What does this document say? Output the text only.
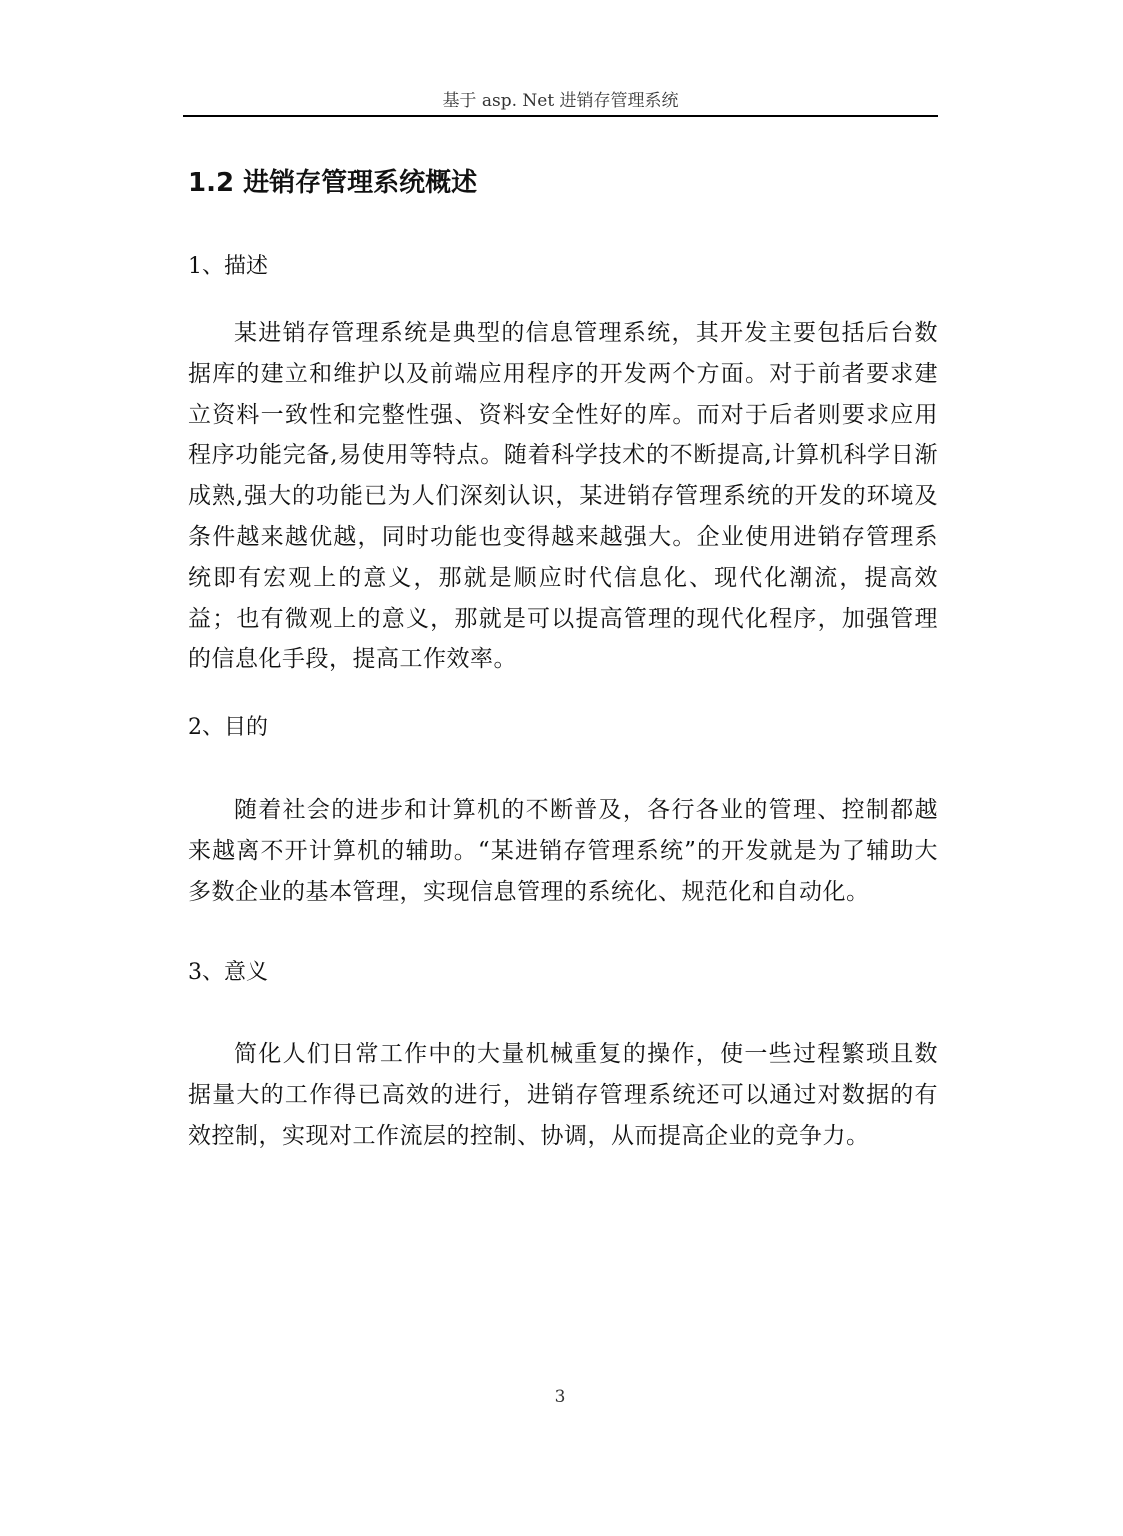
基于 asp. Net 进销存管理系统
1.2 进销存管理系统概述
1、描述

某进销存管理系统是典型的信息管理系统，其开发主要包括后台数据库的建立和维护以及前端应用程序的开发两个方面。对于前者要求建立资料一致性和完整性强、资料安全性好的库。而对于后者则要求应用程序功能完备,易使用等特点。随着科学技术的不断提高,计算机科学日渐成熟,强大的功能已为人们深刻认识，某进销存管理系统的开发的环境及条件越来越优越，同时功能也变得越来越强大。企业使用进销存管理系统即有宏观上的意义，那就是顺应时代信息化、现代化潮流，提高效益；也有微观上的意义，那就是可以提高管理的现代化程序，加强管理的信息化手段，提高工作效率。

2、目的

随着社会的进步和计算机的不断普及，各行各业的管理、控制都越来越离不开计算机的辅助。“某进销存管理系统”的开发就是为了辅助大多数企业的基本管理，实现信息管理的系统化、规范化和自动化。

3、意义

简化人们日常工作中的大量机械重复的操作，使一些过程繁琐且数据量大的工作得已高效的进行，进销存管理系统还可以通过对数据的有效控制，实现对工作流层的控制、协调，从而提高企业的竞争力。

3
